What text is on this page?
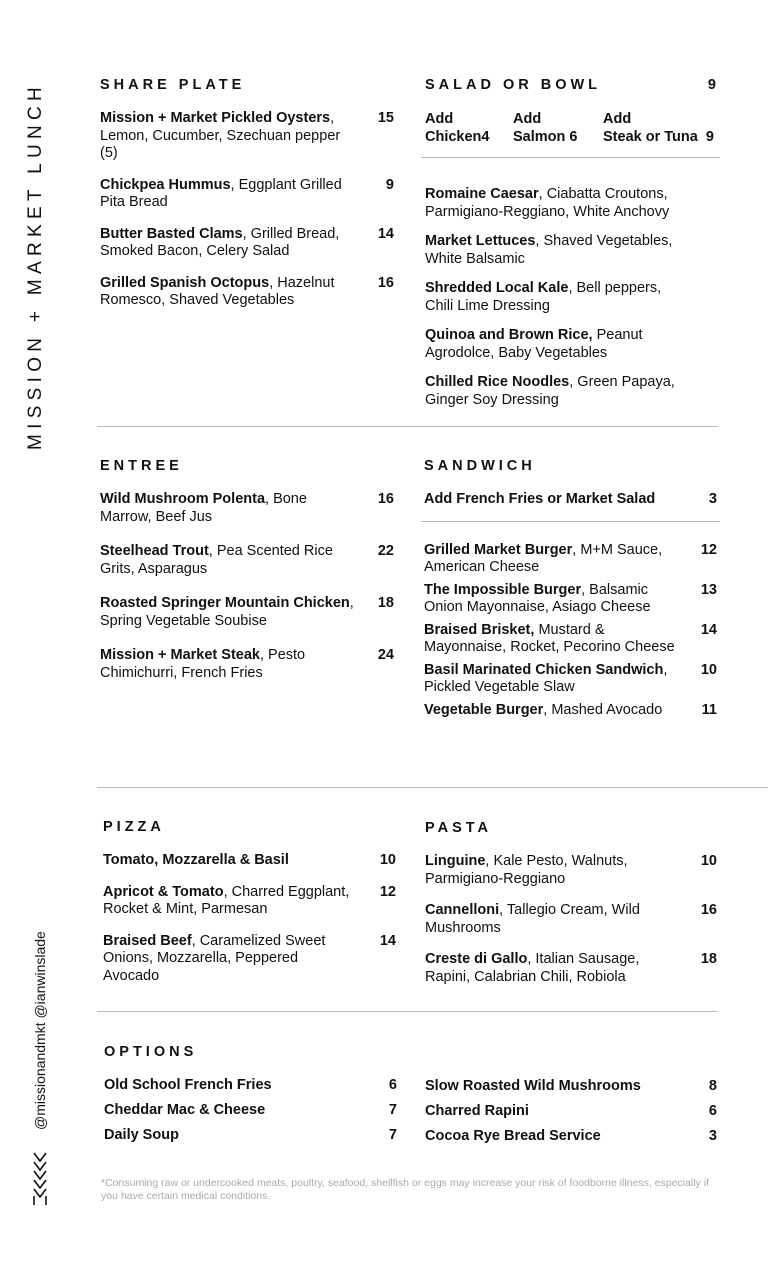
MISSION + MARKET LUNCH
@missionandmkt @ianwinslade
SHARE PLATE
Mission + Market Pickled Oysters, Lemon, Cucumber, Szechuan pepper (5)
15
Chickpea Hummus, Eggplant Grilled Pita Bread
9
Butter Basted Clams, Grilled Bread, Smoked Bacon, Celery Salad
14
Grilled Spanish Octopus, Hazelnut Romesco, Shaved Vegetables
16
SALAD OR BOWL	9
Add
Chicken4
Add
Salmon 6
Add
Steak or Tuna  9
Romaine Caesar, Ciabatta Croutons, Parmigiano-Reggiano, White Anchovy
Market Lettuces, Shaved Vegetables, White Balsamic
Shredded Local Kale, Bell peppers, Chili Lime Dressing
Quinoa and Brown Rice, Peanut Agrodolce, Baby Vegetables
Chilled Rice Noodles, Green Papaya, Ginger Soy Dressing
ENTREE
Wild Mushroom Polenta, Bone Marrow, Beef Jus
16
Steelhead Trout, Pea Scented Rice Grits, Asparagus
22
Roasted Springer Mountain Chicken, Spring Vegetable Soubise
18
Mission + Market Steak, Pesto Chimichurri, French Fries
24
SANDWICH
Add French Fries or Market Salad	3
Grilled Market Burger, M+M Sauce, American Cheese
12
The Impossible Burger, Balsamic Onion Mayonnaise, Asiago Cheese
13
Braised Brisket, Mustard & Mayonnaise, Rocket, Pecorino Cheese
14
Basil Marinated Chicken Sandwich, Pickled Vegetable Slaw
10
Vegetable Burger, Mashed Avocado	11
PIZZA
Tomato, Mozzarella & Basil	10
Apricot & Tomato, Charred Eggplant, Rocket & Mint, Parmesan
12
Braised Beef, Caramelized Sweet Onions, Mozzarella, Peppered Avocado
14
PASTA
Linguine, Kale Pesto, Walnuts, Parmigiano-Reggiano
10
Cannelloni, Tallegio Cream, Wild Mushrooms
16
Creste di Gallo, Italian Sausage, Rapini, Calabrian Chili, Robiola
18
OPTIONS
Old School French Fries	6
Cheddar Mac & Cheese	7
Daily Soup	7
Slow Roasted Wild Mushrooms	8
Charred Rapini	6
Cocoa Rye Bread Service	3
*Consuming raw or undercooked meats, poultry, seafood, shellfish or eggs may increase your risk of foodborne illness, especially if you have certain medical conditions.
